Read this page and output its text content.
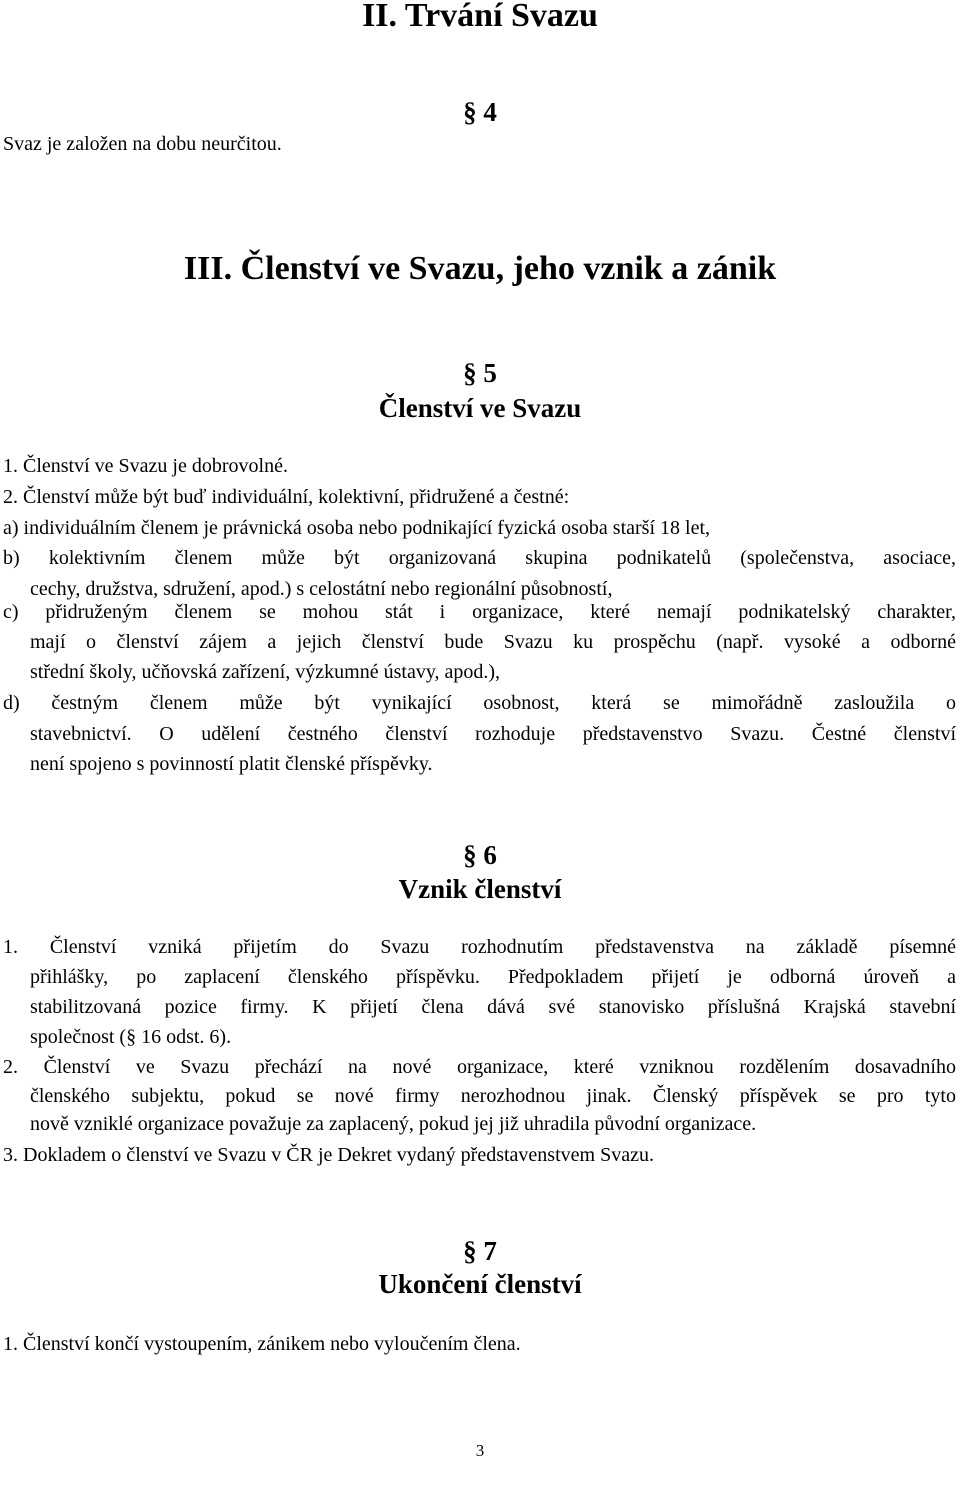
II. Trvání Svazu
§ 4
Svaz je založen na dobu neurčitou.
III. Členství ve Svazu, jeho vznik a zánik
§ 5
Členství ve Svazu
1. Členství ve Svazu je dobrovolné.
2. Členství může být buď individuální, kolektivní, přidružené a čestné:
a) individuálním členem je právnická osoba nebo podnikající fyzická osoba starší 18 let,
b) kolektivním členem může být organizovaná skupina podnikatelů (společenstva, asociace,
cechy, družstva, sdružení, apod.) s celostátní nebo regionální působností,
c) přidruženým členem se mohou stát i organizace, které nemají podnikatelský charakter,
mají o členství zájem a jejich členství bude Svazu ku prospěchu (např. vysoké a odborné
střední školy, učňovská zařízení, výzkumné ústavy, apod.),
d) čestným členem může být vynikající osobnost, která se mimořádně zasloužila o
stavebnictví. O udělení čestného členství rozhoduje představenstvo Svazu. Čestné členství
není spojeno s povinností platit členské příspěvky.
§ 6
Vznik členství
1. Členství vzniká přijetím do Svazu rozhodnutím představenstva na základě písemné
přihlášky, po zaplacení členského příspěvku. Předpokladem přijetí je odborná úroveň a
stabilitzovaná pozice firmy. K přijetí člena dává své stanovisko příslušná Krajská stavební
společnost (§ 16 odst. 6).
2. Členství ve Svazu přechází na nové organizace, které vzniknou rozdělením dosavadního
členského subjektu, pokud se nové firmy nerozhodnou jinak. Členský příspěvek se pro tyto
nově vzniklé organizace považuje za zaplacený, pokud jej již uhradila původní organizace.
3. Dokladem o členství ve Svazu v ČR je Dekret vydaný představenstvem Svazu.
§ 7
Ukončení členství
1. Členství končí vystoupením, zánikem nebo vyloučením člena.
3
